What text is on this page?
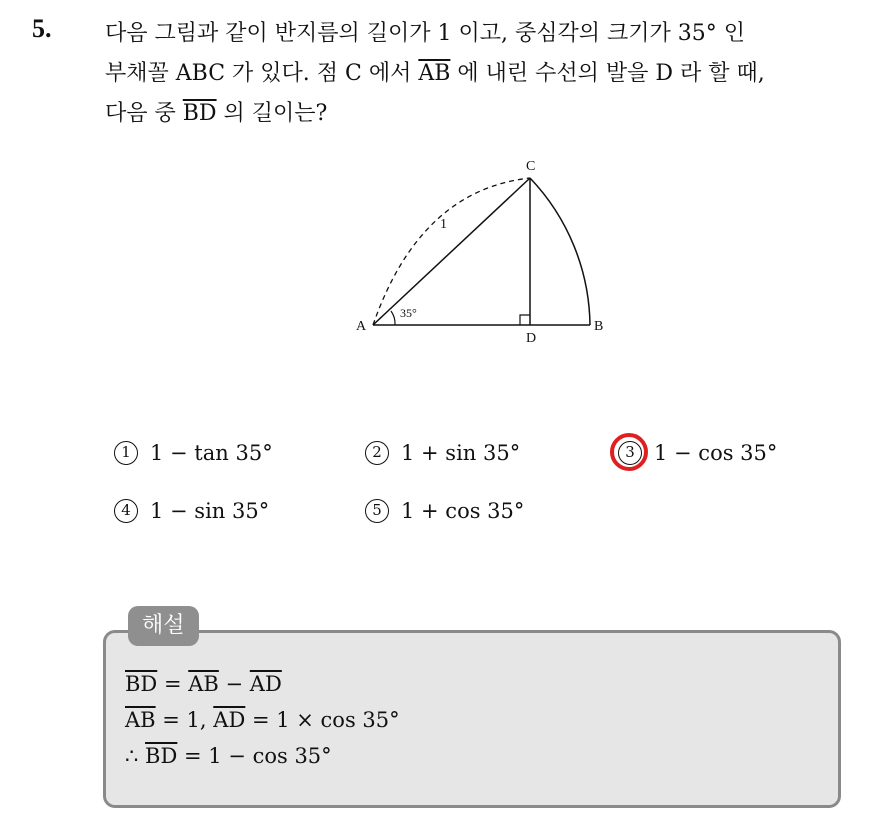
5. 다음 그림과 같이 반지름의 길이가 1 이고, 중심각의 크기가 35° 인
부채꼴 ABC 가 있다. 점 C 에서 $\overline{AB}$ 에 내린 수선의 발을 D 라 할 때,
다음 중 $\overline{BD}$ 의 길이는?
A	B
C
D
1
35°
1 1 − tan 35°	2 1 + sin 35°	3 1 − cos 35°
4 1 − sin 35°	5 1 + cos 35°
해설
$\overline{BD} = \overline{AB} - \overline{AD}$
$\overline{AB} = 1$, $\overline{AD} = 1 \times \cos 35^\circ$
∴ $\overline{BD} = 1 - \cos 35^\circ$
